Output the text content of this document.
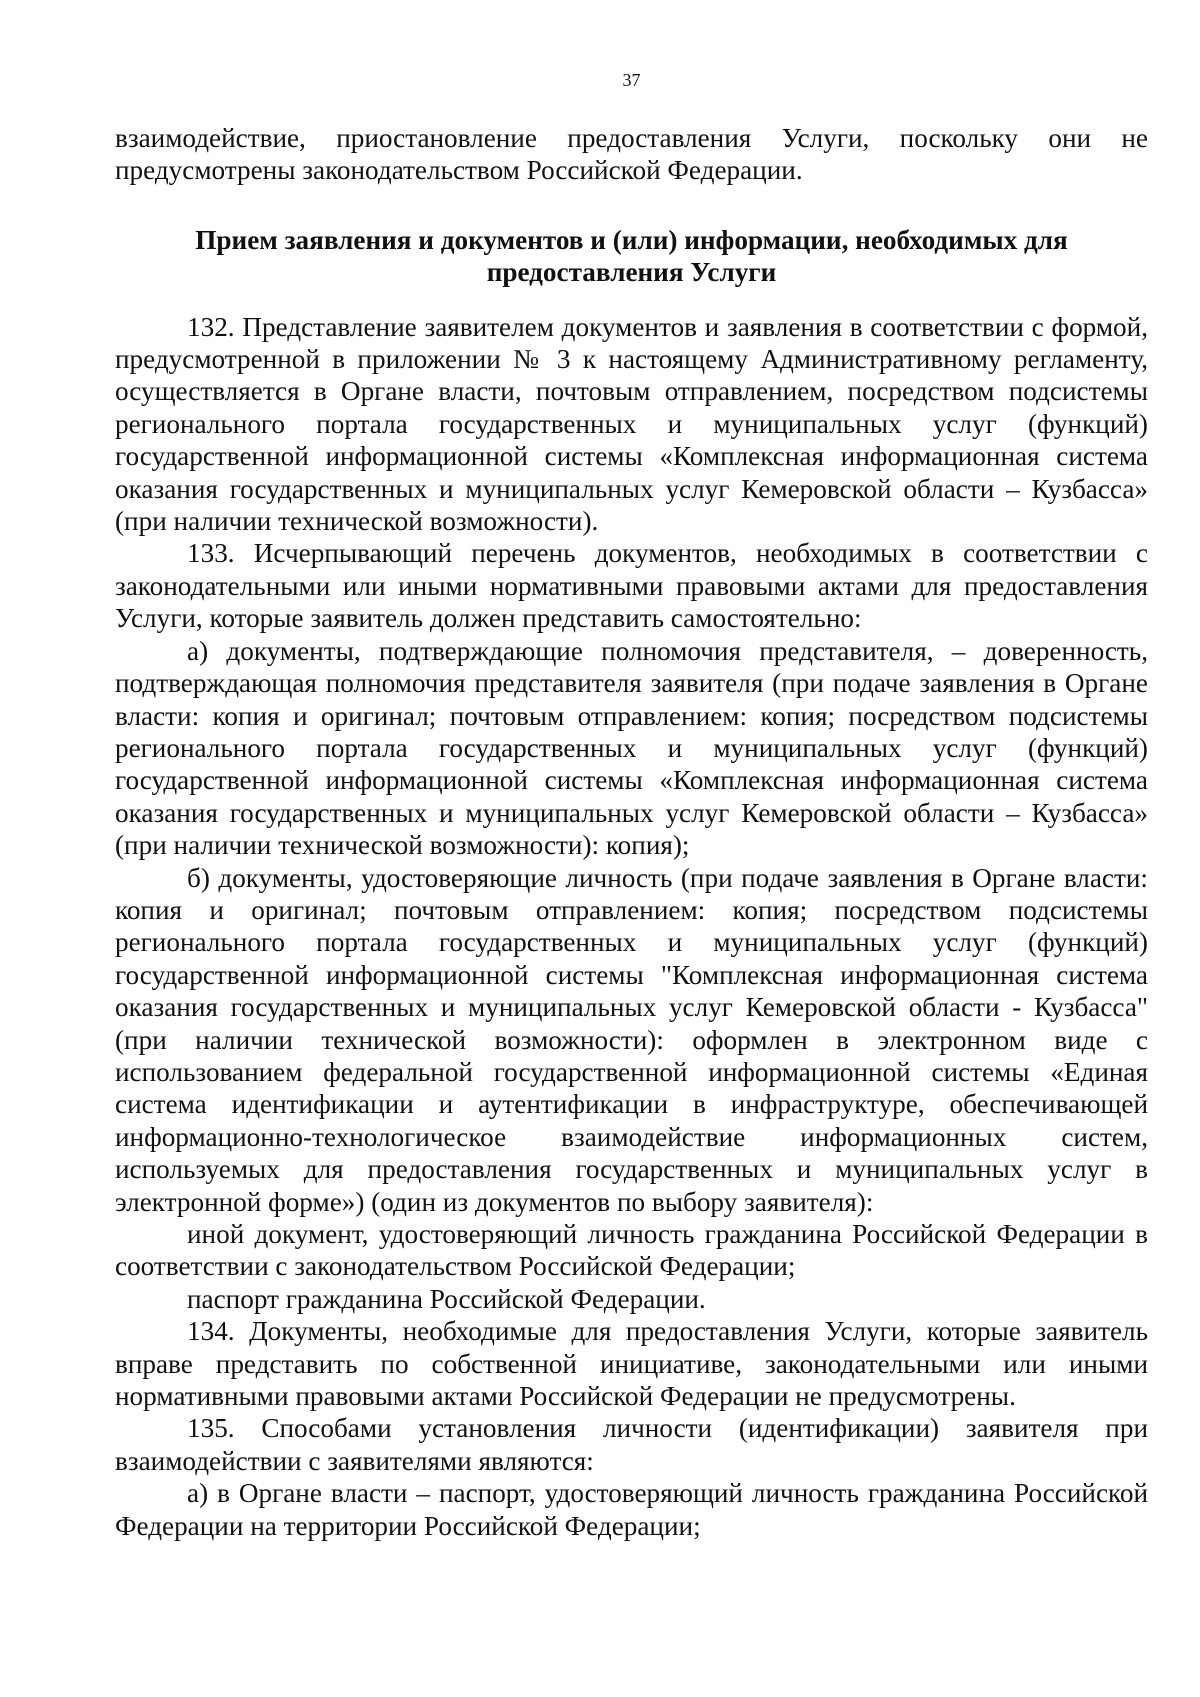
37

взаимодействие, приостановление предоставления Услуги, поскольку они не предусмотрены законодательством Российской Федерации.

Прием заявления и документов и (или) информации, необходимых для
предоставления Услуги

132. Представление заявителем документов и заявления в соответствии с формой, предусмотренной в приложении № 3 к настоящему Административному регламенту, осуществляется в Органе власти, почтовым отправлением, посредством подсистемы регионального портала государственных и муниципальных услуг (функций) государственной информационной системы «Комплексная информационная система оказания государственных и муниципальных услуг Кемеровской области – Кузбасса» (при наличии технической возможности).

133. Исчерпывающий перечень документов, необходимых в соответствии с законодательными или иными нормативными правовыми актами для предоставления Услуги, которые заявитель должен представить самостоятельно:

а) документы, подтверждающие полномочия представителя, – доверенность, подтверждающая полномочия представителя заявителя (при подаче заявления в Органе власти: копия и оригинал; почтовым отправлением: копия; посредством подсистемы регионального портала государственных и муниципальных услуг (функций) государственной информационной системы «Комплексная информационная система оказания государственных и муниципальных услуг Кемеровской области – Кузбасса» (при наличии технической возможности): копия);

б) документы, удостоверяющие личность (при подаче заявления в Органе власти: копия и оригинал; почтовым отправлением: копия; посредством подсистемы регионального портала государственных и муниципальных услуг (функций) государственной информационной системы "Комплексная информационная система оказания государственных и муниципальных услуг Кемеровской области - Кузбасса" (при наличии технической возможности): оформлен в электронном виде с использованием федеральной государственной информационной системы «Единая система идентификации и аутентификации в инфраструктуре, обеспечивающей информационно-технологическое взаимодействие информационных систем, используемых для предоставления государственных и муниципальных услуг в электронной форме») (один из документов по выбору заявителя):

иной документ, удостоверяющий личность гражданина Российской Федерации в соответствии с законодательством Российской Федерации;

паспорт гражданина Российской Федерации.

134. Документы, необходимые для предоставления Услуги, которые заявитель вправе представить по собственной инициативе, законодательными или иными нормативными правовыми актами Российской Федерации не предусмотрены.

135. Способами установления личности (идентификации) заявителя при взаимодействии с заявителями являются:

а) в Органе власти – паспорт, удостоверяющий личность гражданина Российской Федерации на территории Российской Федерации;
